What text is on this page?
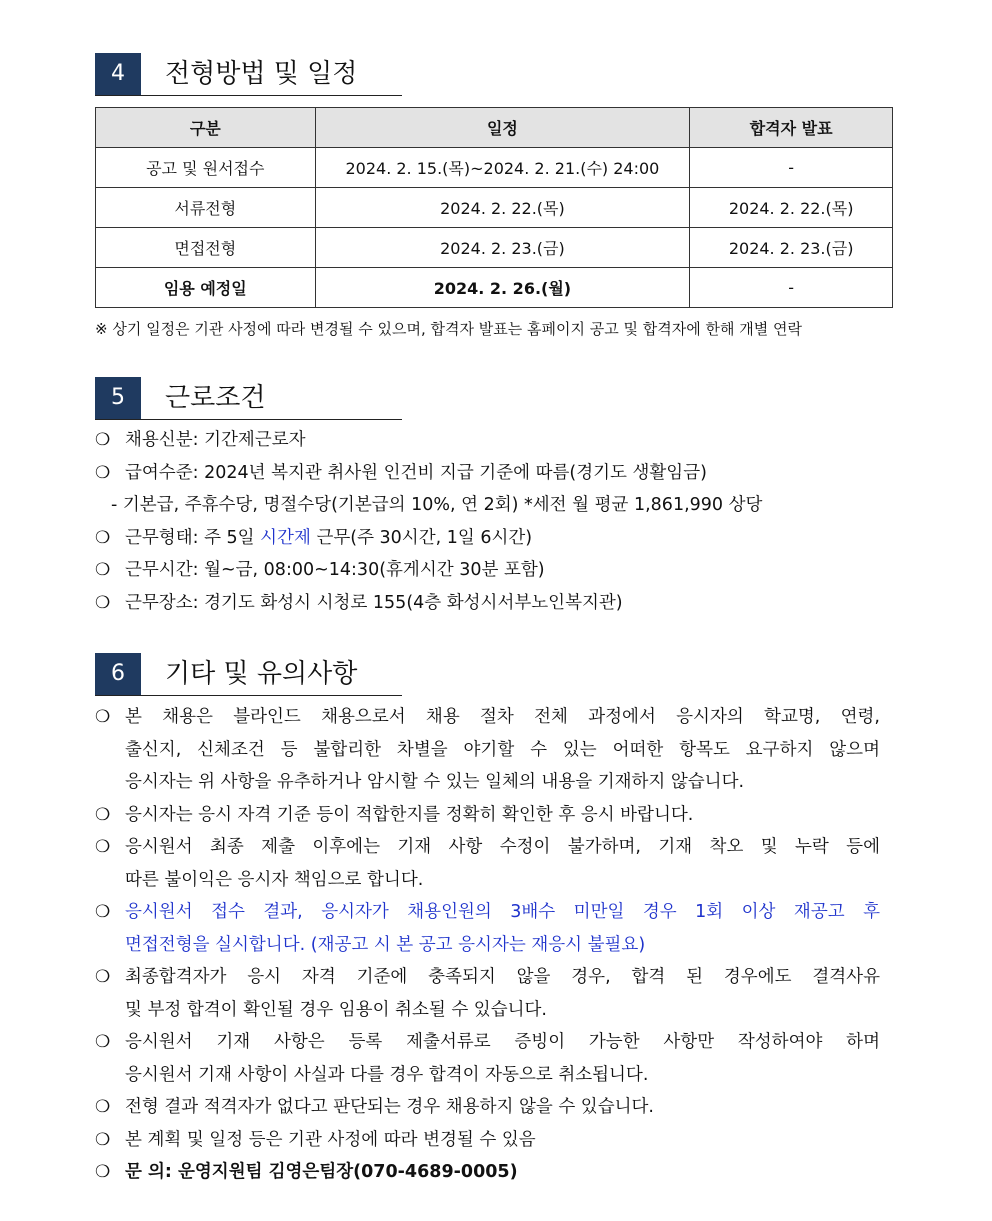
4	전형방법 및 일정
구분	일정	합격자 발표
공고 및 원서접수	2024. 2. 15.(목)~2024. 2. 21.(수) 24:00	-
서류전형	2024. 2. 22.(목)	2024. 2. 22.(목)
면접전형	2024. 2. 23.(금)	2024. 2. 23.(금)
임용 예정일	2024. 2. 26.(월)	-
※ 상기 일정은 기관 사정에 따라 변경될 수 있으며, 합격자 발표는 홈페이지 공고 및 합격자에 한해 개별 연락
5	근로조건
❍ 채용신분: 기간제근로자
❍ 급여수준: 2024년 복지관 취사원 인건비 지급 기준에 따름(경기도 생활임금)
- 기본급, 주휴수당, 명절수당(기본급의 10%, 연 2회) *세전 월 평균 1,861,990 상당
❍ 근무형태: 주 5일 시간제 근무(주 30시간, 1일 6시간)
❍ 근무시간: 월~금, 08:00~14:30(휴게시간 30분 포함)
❍ 근무장소: 경기도 화성시 시청로 155(4층 화성시서부노인복지관)
6	기타 및 유의사항
❍ 본 채용은 블라인드 채용으로서 채용 절차 전체 과정에서 응시자의 학교명, 연령,
출신지, 신체조건 등 불합리한 차별을 야기할 수 있는 어떠한 항목도 요구하지 않으며
응시자는 위 사항을 유추하거나 암시할 수 있는 일체의 내용을 기재하지 않습니다.
❍ 응시자는 응시 자격 기준 등이 적합한지를 정확히 확인한 후 응시 바랍니다.
❍ 응시원서 최종 제출 이후에는 기재 사항 수정이 불가하며, 기재 착오 및 누락 등에
따른 불이익은 응시자 책임으로 합니다.
❍ 응시원서 접수 결과, 응시자가 채용인원의 3배수 미만일 경우 1회 이상 재공고 후
면접전형을 실시합니다. (재공고 시 본 공고 응시자는 재응시 불필요)
❍ 최종합격자가 응시 자격 기준에 충족되지 않을 경우, 합격 된 경우에도 결격사유
및 부정 합격이 확인될 경우 임용이 취소될 수 있습니다.
❍ 응시원서 기재 사항은 등록 제출서류로 증빙이 가능한 사항만 작성하여야 하며
응시원서 기재 사항이 사실과 다를 경우 합격이 자동으로 취소됩니다.
❍ 전형 결과 적격자가 없다고 판단되는 경우 채용하지 않을 수 있습니다.
❍ 본 계획 및 일정 등은 기관 사정에 따라 변경될 수 있음
❍ 문 의: 운영지원팀 김영은팀장(070-4689-0005)
